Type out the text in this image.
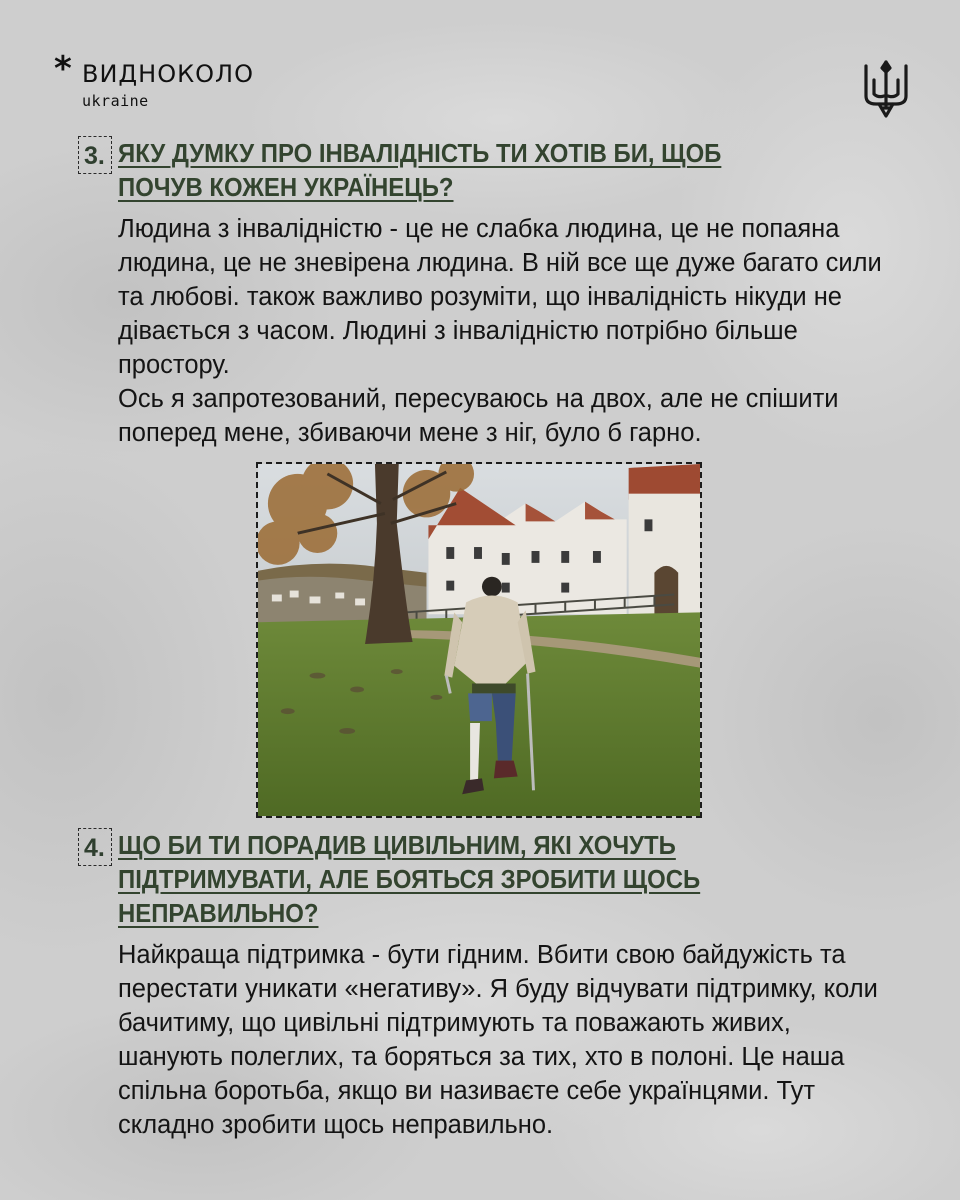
* ВИДНОКОЛО
ukraine
3. ЯКУ ДУМКУ ПРО ІНВАЛІДНІСТЬ ТИ ХОТІВ БИ, ЩОБ ПОЧУВ КОЖЕН УКРАЇНЕЦЬ?

Людина з інвалідністю - це не слабка людина, це не попаяна людина, це не зневірена людина. В ній все ще дуже багато сили та любові. також важливо розуміти, що інвалідність нікуди не дівається з часом. Людині з інвалідністю потрібно більше простору.

Ось я запротезований, пересуваюсь на двох, але не спішити поперед мене, збиваючи мене з ніг, було б гарно.

4. ЩО БИ ТИ ПОРАДИВ ЦИВІЛЬНИМ, ЯКІ ХОЧУТЬ ПІДТРИМУВАТИ, АЛЕ БОЯТЬСЯ ЗРОБИТИ ЩОСЬ НЕПРАВИЛЬНО?

Найкраща підтримка - бути гідним. Вбити свою байдужість та перестати уникати «негативу». Я буду відчувати підтримку, коли бачитиму, що цивільні підтримують та поважають живих, шанують полеглих, та боряться за тих, хто в полоні. Це наша спільна боротьба, якщо ви називаєте себе українцями. Тут складно зробити щось неправильно.
